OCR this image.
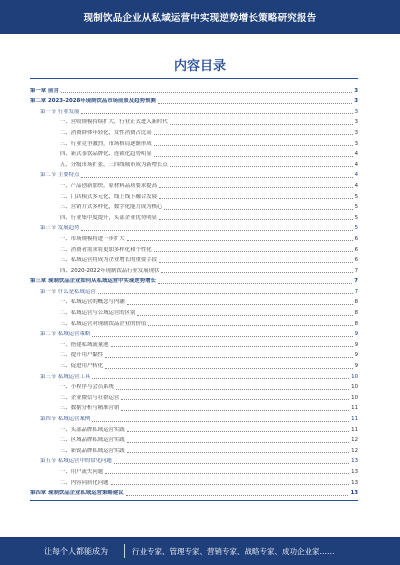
现制饮品企业从私域运营中实现逆势增长策略研究报告
内容目录
第一章 前言	3
第二章 2023-2028年现制饮品市场前景及趋势预测	3
第一节 行业发展	3
一、营收规模持续扩大，行业正式进入新时代	3
二、消费群体年轻化，女性消费占比高	3
三、行业竞争激烈，市场格局逐渐形成	3
四、新式茶饮品牌化、连锁化趋势明显	4
五、分级市场扩张，三四线城市成为新增长点	4
第二节 主要特点	4
一、产品创新加快，原材料品质要求提高	4
二、门店模式多元化，线上线下融合发展	5
三、营销方式多样化，数字化能力成为核心	5
四、行业集中度提升，头部企业优势明显	5
第三节 发展趋势	5
一、市场规模将进一步扩大	6
二、消费者需求将更加多样化和个性化	6
三、私域运营将成为企业增长的重要手段	6
四、2020-2022年现制饮品行业发展现状	7
第三章 现制饮品企业如何从私域运营中实现逆势增长	7
第一节 什么是私域运营	7
一、私域运营的概念与内涵	8
二、私域运营与公域运营的区别	8
三、私域运营对现制饮品企业的价值	8
第二节 私域运营策略	9
一、搭建私域流量池	9
二、提升用户黏性	9
三、促进用户转化	9
第三节 私域运营工具	10
一、小程序与会员系统	10
二、企业微信与社群运营	10
三、数据分析与精准营销	11
第四节 私域运营案例	11
一、头部品牌私域运营实践	11
二、区域品牌私域运营实践	12
三、新锐品牌私域运营实践	12
第五节 私域运营中的常见问题	13
一、用户流失问题	13
二、内容同质化问题	13
第四章 现制饮品企业私域运营策略建议	13
让每个人都能成为	行业专家、管理专家、营销专家、战略专家、成功企业家……
